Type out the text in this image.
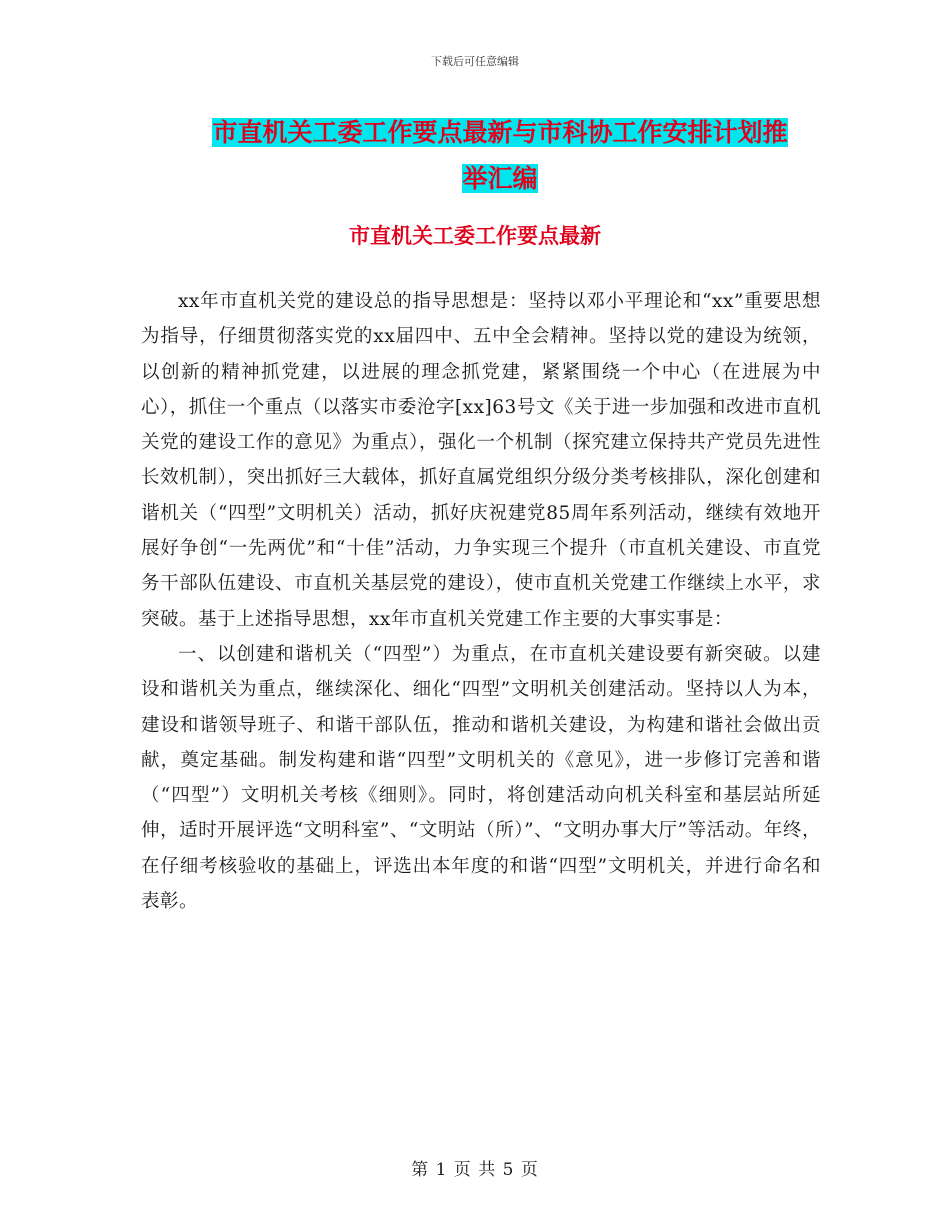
下载后可任意编辑
市直机关工委工作要点最新与市科协工作安排计划推
举汇编
市直机关工委工作要点最新

xx年市直机关党的建设总的指导思想是：坚持以邓小平理论和“xx”重要思想为指导，仔细贯彻落实党的xx届四中、五中全会精神。坚持以党的建设为统领，以创新的精神抓党建，以进展的理念抓党建，紧紧围绕一个中心（在进展为中心），抓住一个重点（以落实市委沧字[xx]63号文《关于进一步加强和改进市直机关党的建设工作的意见》为重点），强化一个机制（探究建立保持共产党员先进性长效机制），突出抓好三大载体，抓好直属党组织分级分类考核排队，深化创建和谐机关（“四型”文明机关）活动，抓好庆祝建党85周年系列活动，继续有效地开展好争创“一先两优”和“十佳”活动，力争实现三个提升（市直机关建设、市直党务干部队伍建设、市直机关基层党的建设），使市直机关党建工作继续上水平，求突破。基于上述指导思想，xx年市直机关党建工作主要的大事实事是：

一、以创建和谐机关（“四型”）为重点，在市直机关建设要有新突破。以建设和谐机关为重点，继续深化、细化“四型”文明机关创建活动。坚持以人为本，建设和谐领导班子、和谐干部队伍，推动和谐机关建设，为构建和谐社会做出贡献，奠定基础。制发构建和谐“四型”文明机关的《意见》，进一步修订完善和谐（“四型”）文明机关考核《细则》。同时，将创建活动向机关科室和基层站所延伸，适时开展评选“文明科室”、“文明站（所）”、“文明办事大厅”等活动。年终，在仔细考核验收的基础上，评选出本年度的和谐“四型”文明机关，并进行命名和表彰。

第 1 页 共 5 页
